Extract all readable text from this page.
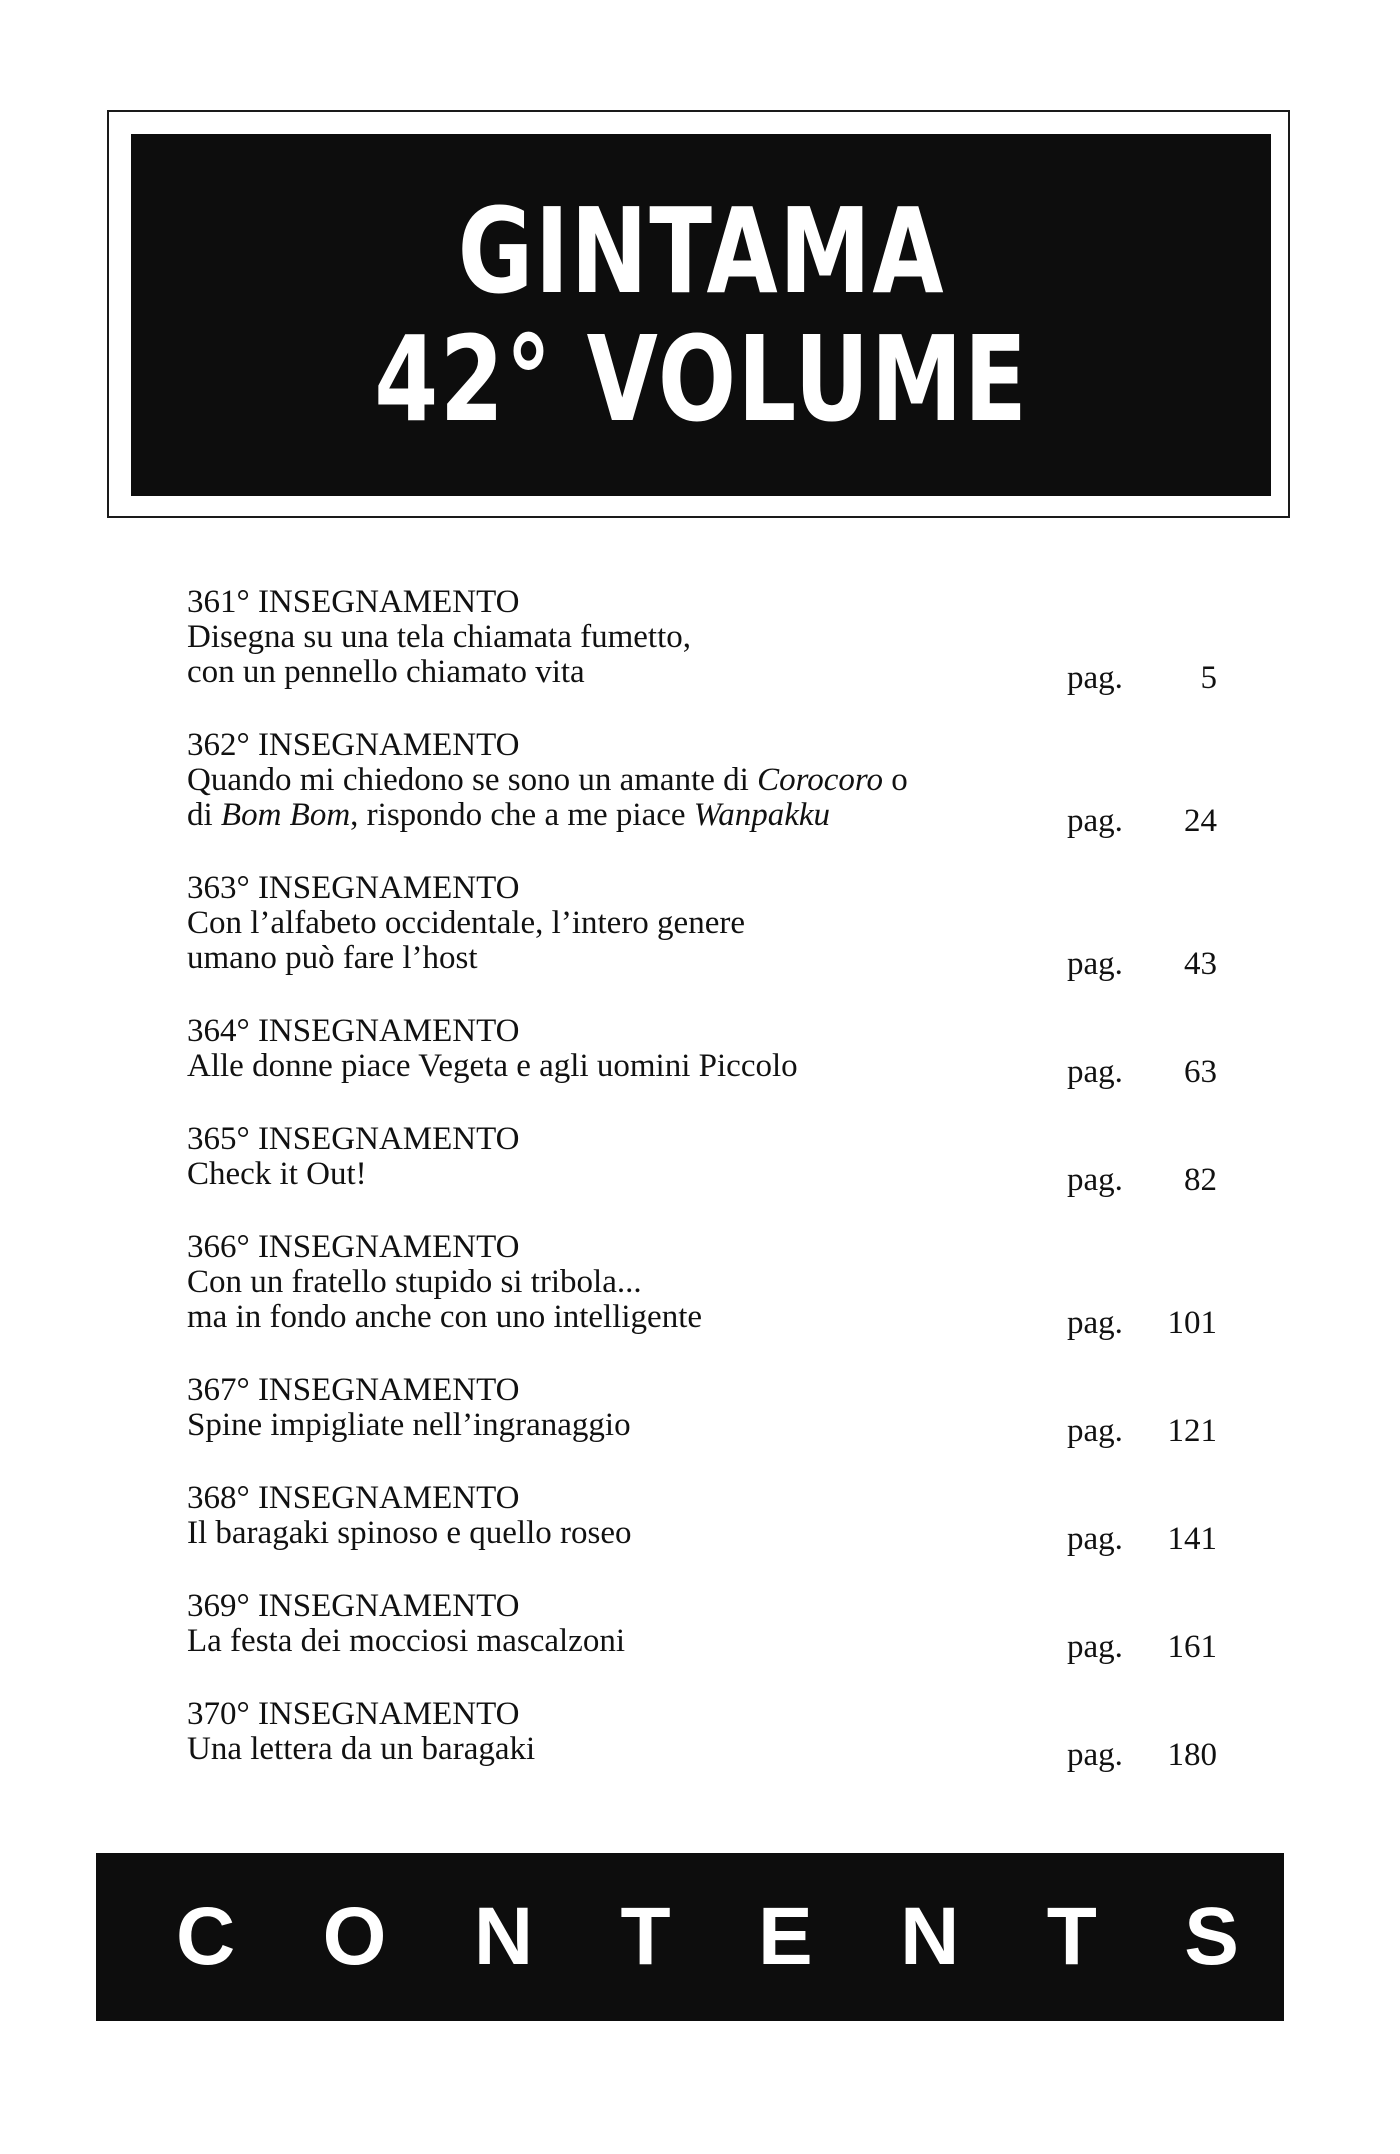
GINTAMA
42° VOLUME
361° INSEGNAMENTO
Disegna su una tela chiamata fumetto,
con un pennello chiamato vita	pag.	5
362° INSEGNAMENTO
Quando mi chiedono se sono un amante di Corocoro o
di Bom Bom, rispondo che a me piace Wanpakku	pag.	24
363° INSEGNAMENTO
Con l’alfabeto occidentale, l’intero genere
umano può fare l’host	pag.	43
364° INSEGNAMENTO
Alle donne piace Vegeta e agli uomini Piccolo	pag.	63
365° INSEGNAMENTO
Check it Out!	pag.	82
366° INSEGNAMENTO
Con un fratello stupido si tribola...
ma in fondo anche con uno intelligente	pag.	101
367° INSEGNAMENTO
Spine impigliate nell’ingranaggio	pag.	121
368° INSEGNAMENTO
Il baragaki spinoso e quello roseo	pag.	141
369° INSEGNAMENTO
La festa dei mocciosi mascalzoni	pag.	161
370° INSEGNAMENTO
Una lettera da un baragaki	pag.	180
C O N T E N T S
